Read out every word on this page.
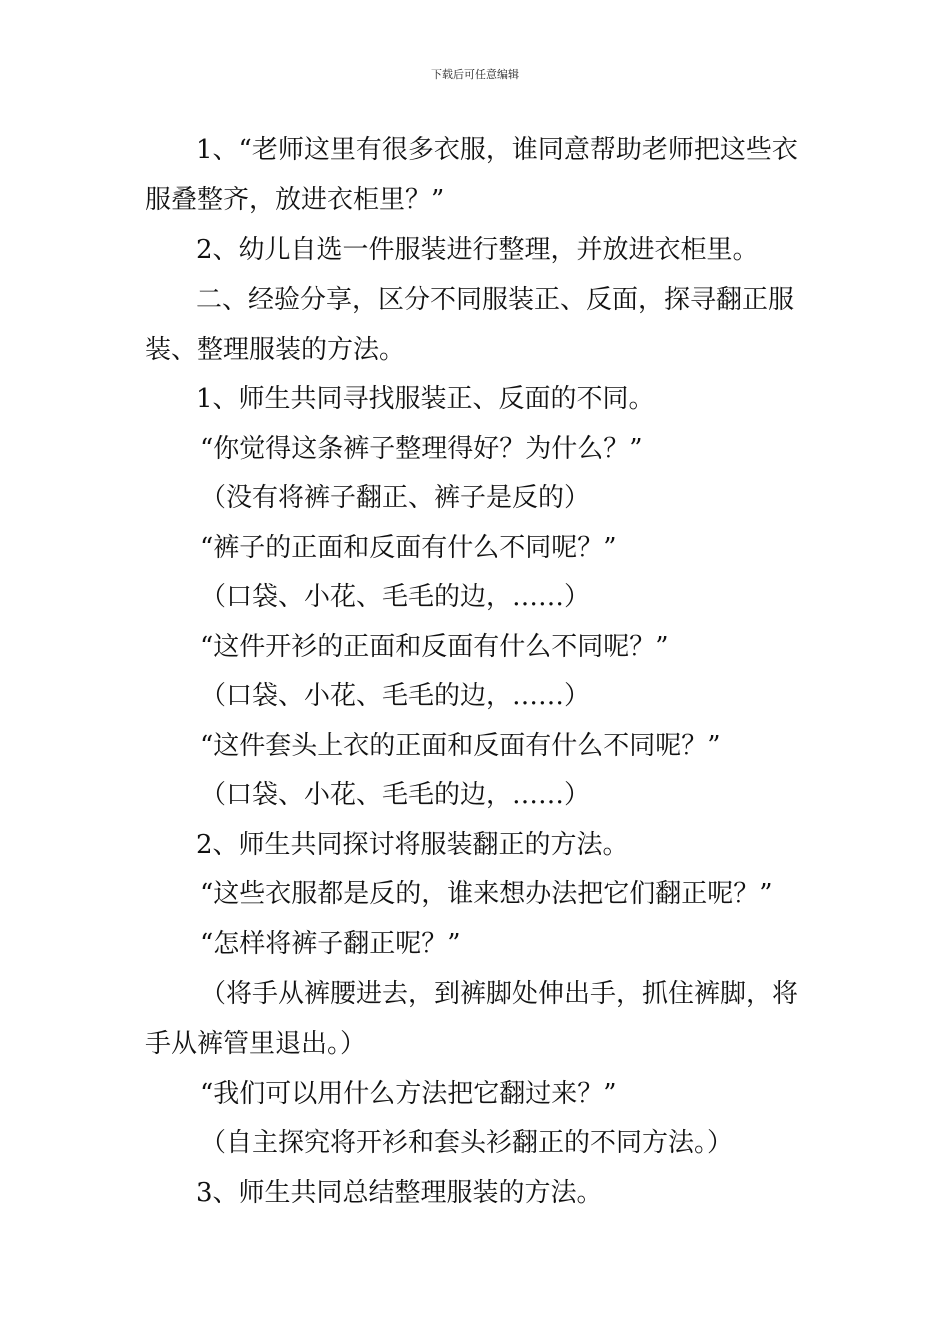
下载后可任意编辑
1、“老师这里有很多衣服，谁同意帮助老师把这些衣
服叠整齐，放进衣柜里？”
2、幼儿自选一件服装进行整理，并放进衣柜里。
二、经验分享，区分不同服装正、反面，探寻翻正服
装、整理服装的方法。
1、师生共同寻找服装正、反面的不同。
“你觉得这条裤子整理得好？为什么？”
（没有将裤子翻正、裤子是反的）
“裤子的正面和反面有什么不同呢？”
（口袋、小花、毛毛的边，……）
“这件开衫的正面和反面有什么不同呢？”
（口袋、小花、毛毛的边，……）
“这件套头上衣的正面和反面有什么不同呢？”
（口袋、小花、毛毛的边，……）
2、师生共同探讨将服装翻正的方法。
“这些衣服都是反的，谁来想办法把它们翻正呢？”
“怎样将裤子翻正呢？”
（将手从裤腰进去，到裤脚处伸出手，抓住裤脚，将
手从裤管里退出。）
“我们可以用什么方法把它翻过来？”
（自主探究将开衫和套头衫翻正的不同方法。）
3、师生共同总结整理服装的方法。
